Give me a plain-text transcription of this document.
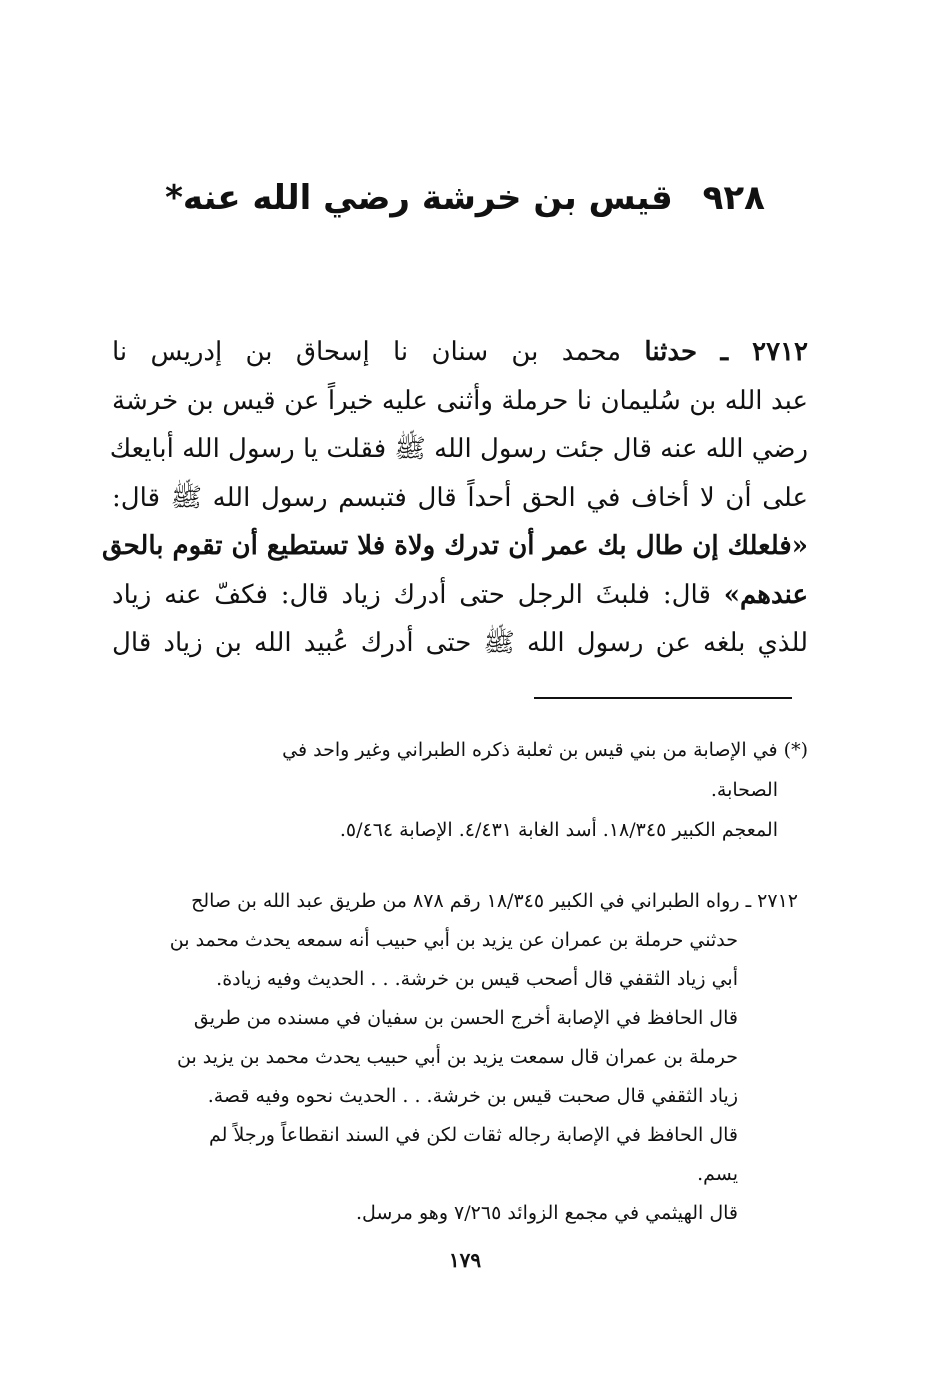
٩٢٨ قيس بن خرشة رضي الله عنه*
٢٧١٢ ـ حدثنا محمد بن سنان نا إسحاق بن إدريس نا
عبد الله بن سُليمان نا حرملة وأثنى عليه خيراً عن قيس بن خرشة
رضي الله عنه قال جئت رسول الله ﷺ فقلت يا رسول الله أبايعك
على أن لا أخاف في الحق أحداً قال فتبسم رسول الله ﷺ قال:
«فلعلك إن طال بك عمر أن تدرك ولاة فلا تستطيع أن تقوم بالحق
عندهم» قال: فلبثَ الرجل حتى أدرك زياد قال: فكفّ عنه زياد
للذي بلغه عن رسول الله ﷺ حتى أدرك عُبيد الله بن زياد قال
(*) في الإصابة من بني قيس بن ثعلبة ذكره الطبراني وغير واحد في
الصحابة.
المعجم الكبير ١٨/٣٤٥. أسد الغابة ٤/٤٣١. الإصابة ٥/٤٦٤.
٢٧١٢ ـ رواه الطبراني في الكبير ١٨/٣٤٥ رقم ٨٧٨ من طريق عبد الله بن صالح
حدثني حرملة بن عمران عن يزيد بن أبي حبيب أنه سمعه يحدث محمد بن
أبي زياد الثقفي قال أصحب قيس بن خرشة. . . الحديث وفيه زيادة.
قال الحافظ في الإصابة أخرج الحسن بن سفيان في مسنده من طريق
حرملة بن عمران قال سمعت يزيد بن أبي حبيب يحدث محمد بن يزيد بن
زياد الثقفي قال صحبت قيس بن خرشة. . . الحديث نحوه وفيه قصة.
قال الحافظ في الإصابة رجاله ثقات لكن في السند انقطاعاً ورجلاً لم
يسم.
قال الهيثمي في مجمع الزوائد ٧/٢٦٥ وهو مرسل.
١٧٩
